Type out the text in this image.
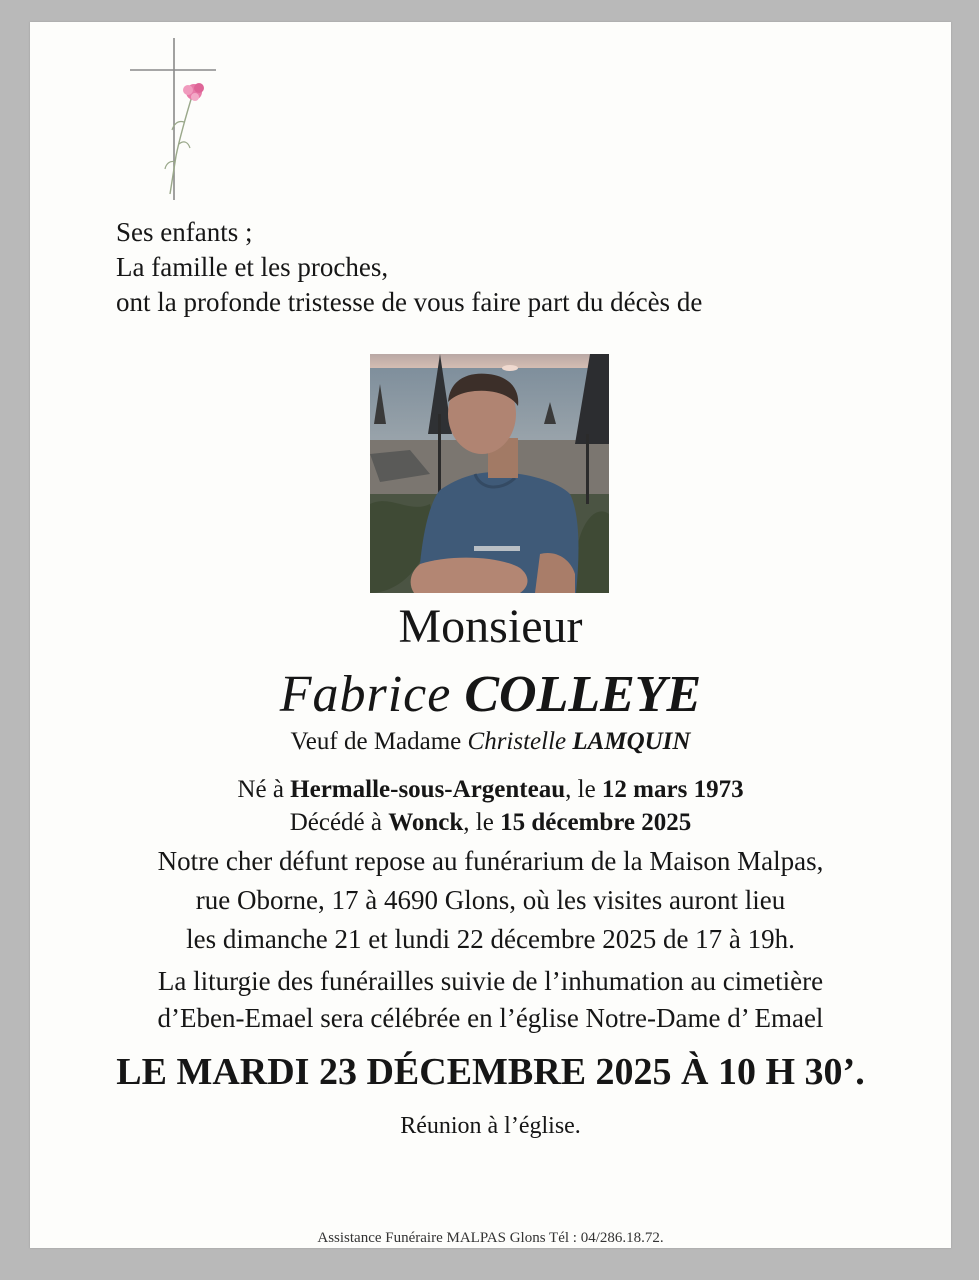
Ses enfants ;
La famille et les proches,
ont la profonde tristesse de vous faire part du décès de
Monsieur
Fabrice COLLEYE
Veuf de Madame Christelle LAMQUIN
Né à Hermalle-sous-Argenteau, le 12 mars 1973
Décédé à Wonck, le 15 décembre 2025
Notre cher défunt repose au funérarium de la Maison Malpas,
rue Oborne, 17 à 4690 Glons, où les visites auront lieu
les dimanche 21 et lundi 22 décembre 2025 de 17 à 19h.
La liturgie des funérailles suivie de l’inhumation au cimetière
d’Eben-Emael sera célébrée en l’église Notre-Dame d’ Emael
LE MARDI 23 DÉCEMBRE 2025 À 10 H 30’.
Réunion à l’église.
Assistance Funéraire MALPAS Glons Tél : 04/286.18.72.
